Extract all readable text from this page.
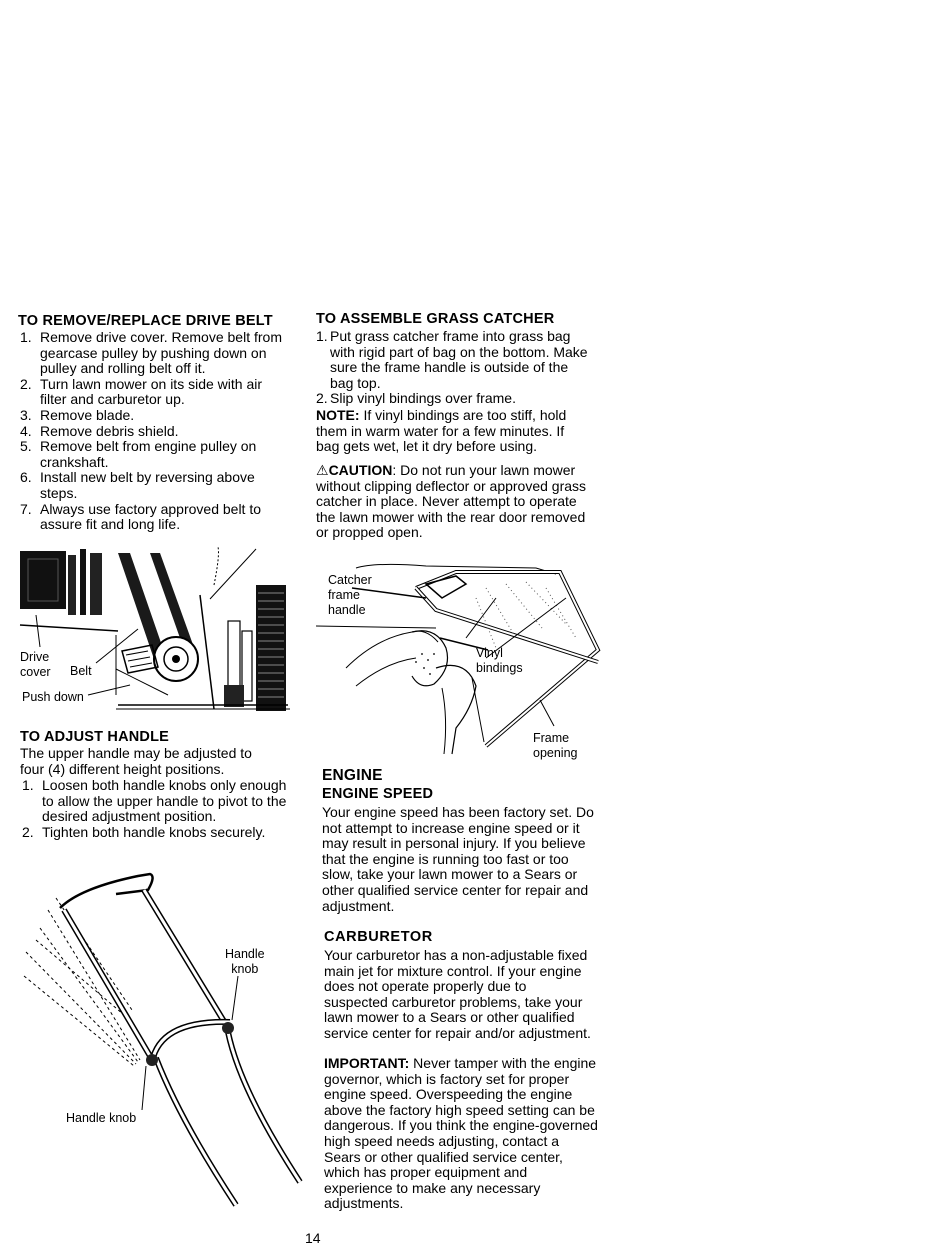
TO REMOVE/REPLACE DRIVE BELT
1. Remove drive cover. Remove belt from gearcase pulley by pushing down on pulley and rolling belt off it.
2. Turn lawn mower on its side with air filter and carburetor up.
3. Remove blade.
4. Remove debris shield.
5. Remove belt from engine pulley on crankshaft.
6. Install new belt by reversing above steps.
7. Always use factory approved belt to assure fit and long life.
Drive
cover Belt
Push down
TO ADJUST HANDLE
The upper handle may be adjusted to four (4) different height positions.
1. Loosen both handle knobs only enough to allow the upper handle to pivot to the desired adjustment position.
2. Tighten both handle knobs securely.
Handle
knob
Handle knob
TO ASSEMBLE GRASS CATCHER
1. Put grass catcher frame into grass bag with rigid part of bag on the bottom. Make sure the frame handle is outside of the bag top.
2. Slip vinyl bindings over frame.
NOTE: If vinyl bindings are too stiff, hold them in warm water for a few minutes. If bag gets wet, let it dry before using.
⚠CAUTION: Do not run your lawn mower without clipping deflector or approved grass catcher in place. Never attempt to operate the lawn mower with the rear door removed or propped open.
Catcher
frame
handle
Vinyl
bindings
Frame
opening
ENGINE
ENGINE SPEED
Your engine speed has been factory set. Do not attempt to increase engine speed or it may result in personal injury. If you believe that the engine is running too fast or too slow, take your lawn mower to a Sears or other qualified service center for repair and adjustment.
CARBURETOR
Your carburetor has a non-adjustable fixed main jet for mixture control. If your engine does not operate properly due to suspected carburetor problems, take your lawn mower to a Sears or other qualified service center for repair and/or adjustment.
IMPORTANT: Never tamper with the engine governor, which is factory set for proper engine speed. Overspeeding the engine above the factory high speed setting can be dangerous. If you think the engine-governed high speed needs adjusting, contact a Sears or other qualified service center, which has proper equipment and experience to make any necessary adjustments.
14
